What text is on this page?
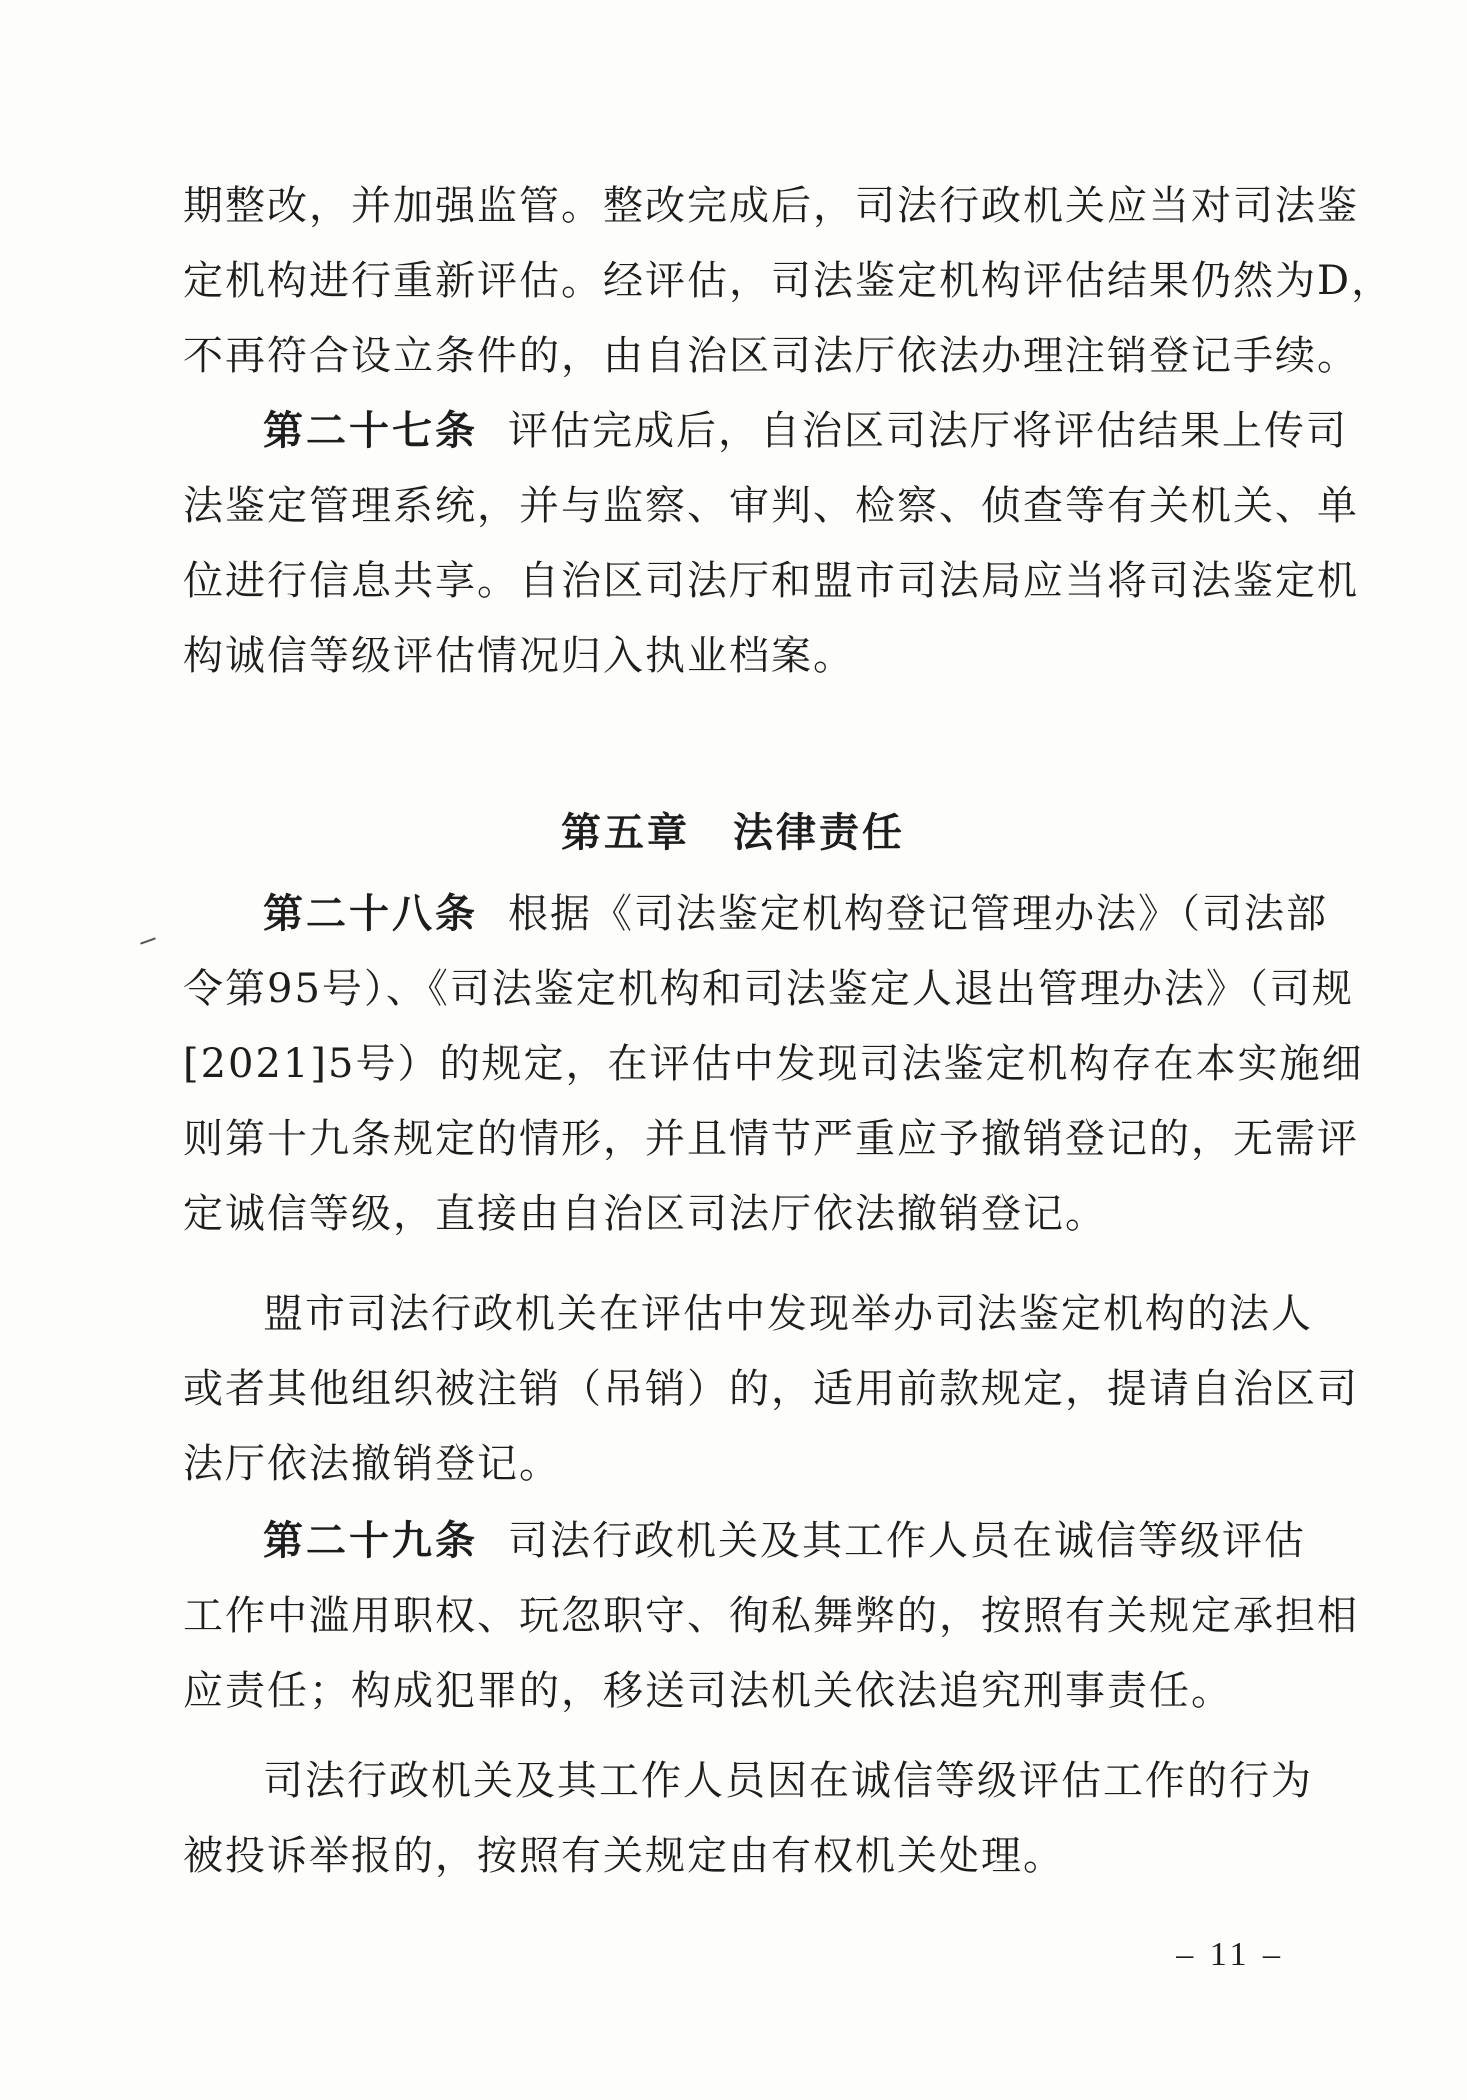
期整改，并加强监管。整改完成后，司法行政机关应当对司法鉴
定机构进行重新评估。经评估，司法鉴定机构评估结果仍然为D，
不再符合设立条件的，由自治区司法厅依法办理注销登记手续。
第二十七条 评估完成后，自治区司法厅将评估结果上传司
法鉴定管理系统，并与监察、审判、检察、侦查等有关机关、单
位进行信息共享。自治区司法厅和盟市司法局应当将司法鉴定机
构诚信等级评估情况归入执业档案。
第五章　法律责任
第二十八条 根据《司法鉴定机构登记管理办法》（司法部
令第95号）、《司法鉴定机构和司法鉴定人退出管理办法》（司规
[2021]5号）的规定，在评估中发现司法鉴定机构存在本实施细
则第十九条规定的情形，并且情节严重应予撤销登记的，无需评
定诚信等级，直接由自治区司法厅依法撤销登记。
盟市司法行政机关在评估中发现举办司法鉴定机构的法人
或者其他组织被注销（吊销）的，适用前款规定，提请自治区司
法厅依法撤销登记。
第二十九条 司法行政机关及其工作人员在诚信等级评估
工作中滥用职权、玩忽职守、徇私舞弊的，按照有关规定承担相
应责任；构成犯罪的，移送司法机关依法追究刑事责任。
司法行政机关及其工作人员因在诚信等级评估工作的行为
被投诉举报的，按照有关规定由有权机关处理。
– 11 –
